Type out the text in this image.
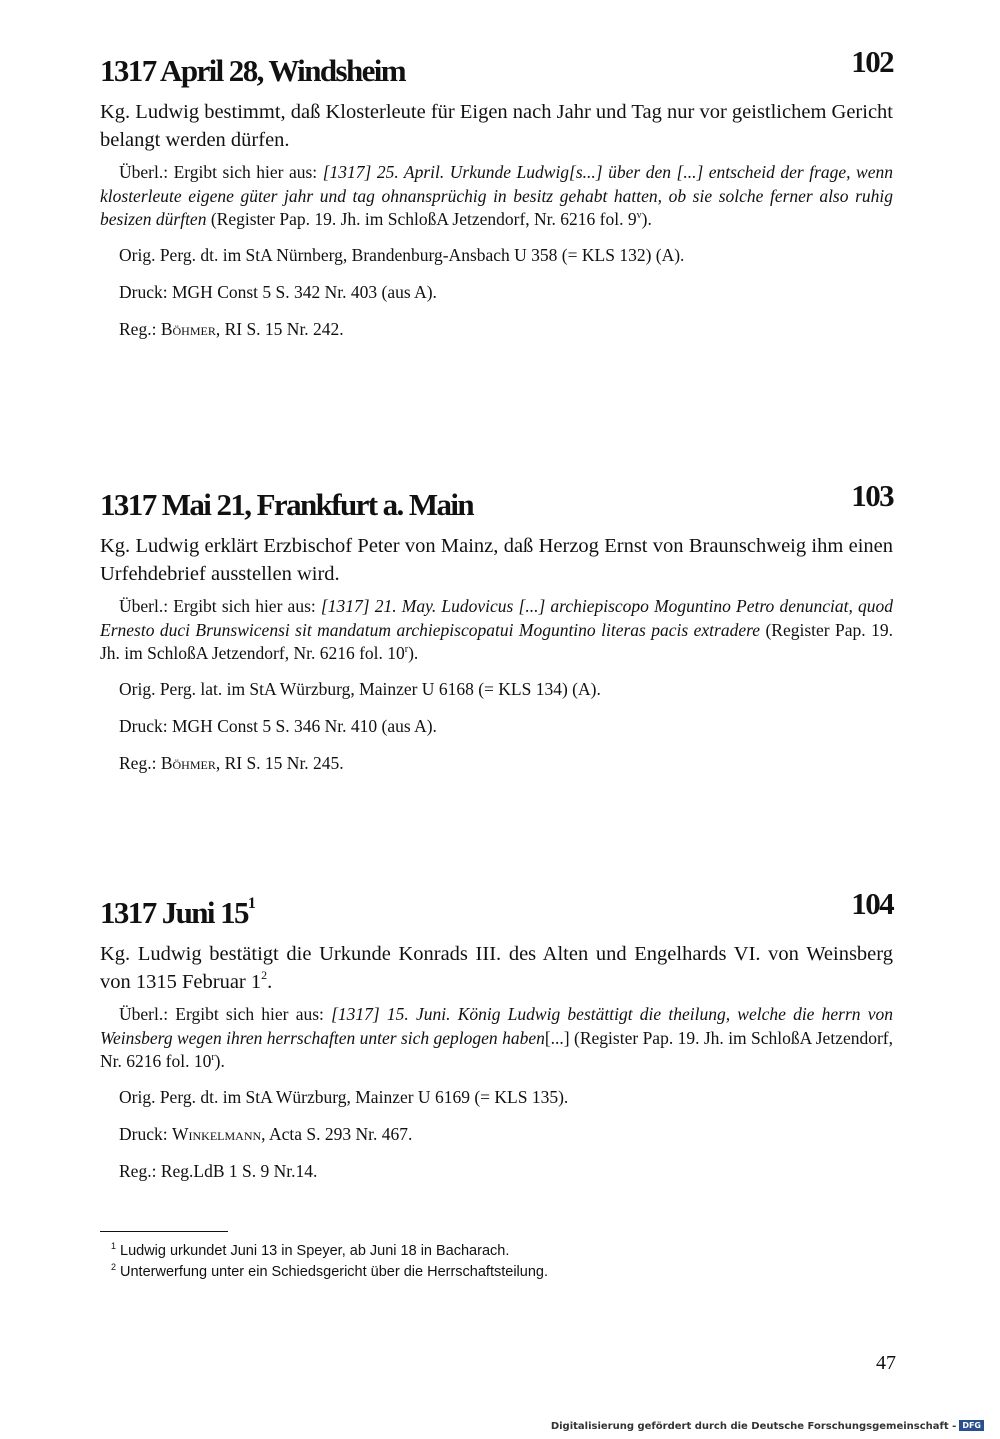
1317 April 28, Windsheim	102

Kg. Ludwig bestimmt, daß Klosterleute für Eigen nach Jahr und Tag nur vor geistlichem Gericht belangt werden dürfen.

Überl.: Ergibt sich hier aus: [1317] 25. April. Urkunde Ludwig[s...] über den [...] entscheid der frage, wenn klosterleute eigene güter jahr und tag ohnansprüchig in besitz gehabt hatten, ob sie solche ferner also ruhig besizen dürften (Register Pap. 19. Jh. im SchloßA Jetzendorf, Nr. 6216 fol. 9$^v$).

Orig. Perg. dt. im StA Nürnberg, Brandenburg-Ansbach U 358 (= KLS 132) (A).

Druck: MGH Const 5 S. 342 Nr. 403 (aus A).

Reg.: Böhmer, RI S. 15 Nr. 242.

1317 Mai 21, Frankfurt a. Main	103

Kg. Ludwig erklärt Erzbischof Peter von Mainz, daß Herzog Ernst von Braunschweig ihm einen Urfehdebrief ausstellen wird.

Überl.: Ergibt sich hier aus: [1317] 21. May. Ludovicus [...] archiepiscopo Moguntino Petro denunciat, quod Ernesto duci Brunswicensi sit mandatum archiepiscopatui Moguntino literas pacis extradere (Register Pap. 19. Jh. im SchloßA Jetzendorf, Nr. 6216 fol. 10$^r$).

Orig. Perg. lat. im StA Würzburg, Mainzer U 6168 (= KLS 134) (A).

Druck: MGH Const 5 S. 346 Nr. 410 (aus A).

Reg.: Böhmer, RI S. 15 Nr. 245.

1317 Juni $15^1$	104

Kg. Ludwig bestätigt die Urkunde Konrads III. des Alten und Engelhards VI. von Weinsberg von 1315 Februar $1^2$.

Überl.: Ergibt sich hier aus: [1317] 15. Juni. König Ludwig bestättigt die theilung, welche die herrn von Weinsberg wegen ihren herrschaften unter sich geplogen haben[...] (Register Pap. 19. Jh. im SchloßA Jetzendorf, Nr. 6216 fol. 10$^r$).

Orig. Perg. dt. im StA Würzburg, Mainzer U 6169 (= KLS 135).

Druck: Winkelmann, Acta S. 293 Nr. 467.

Reg.: Reg.LdB 1 S. 9 Nr.14.

$^1$ Ludwig urkundet Juni 13 in Speyer, ab Juni 18 in Bacharach.
$^2$ Unterwerfung unter ein Schiedsgericht über die Herrschaftsteilung.
47
Digitalisierung gefördert durch die Deutsche Forschungsgemeinschaft - DFG
